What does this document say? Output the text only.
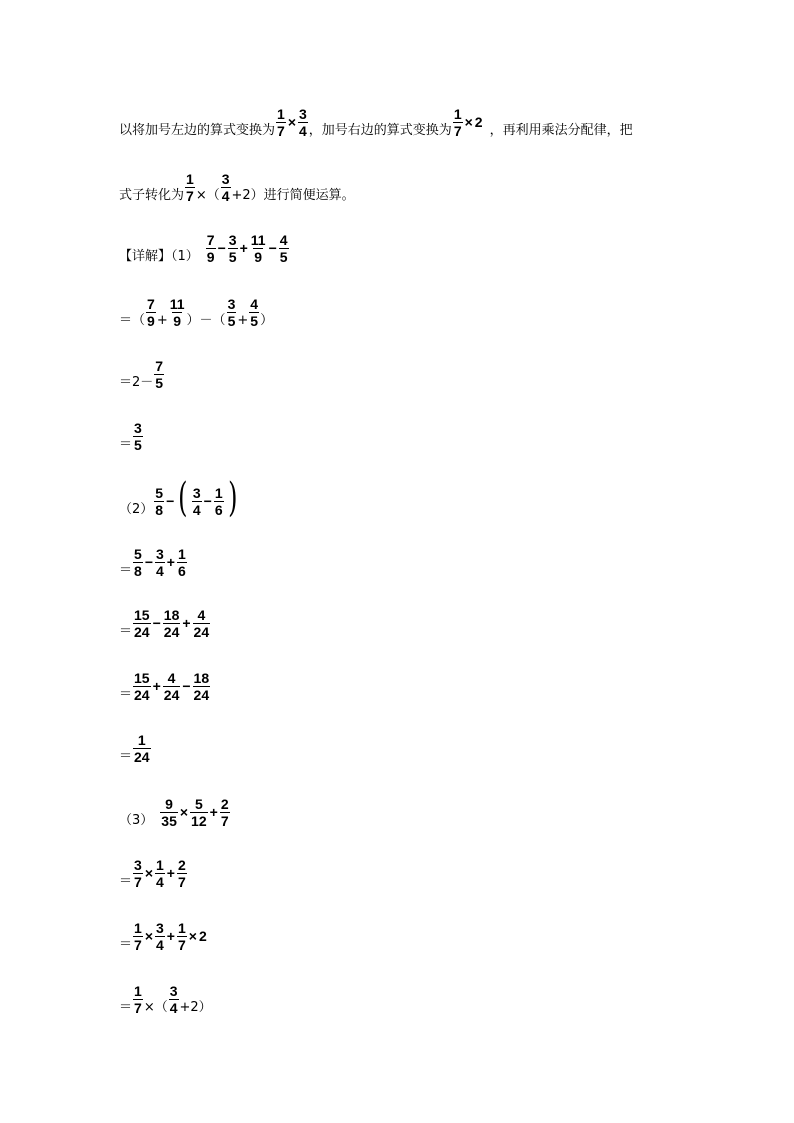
以将加号左边的算式变换为 $\frac{1}{7} \times \frac{3}{4}$ ，加号右边的算式变换为 $\frac{1}{7} \times 2$
，再利用乘法分配律，把
式子转化为 $\frac{1}{7}$ ×（
3
4 +2）进行简便运算。
【详解】（1）
7
9
− $\frac{3}{5} + \frac{11}{9} - \frac{4}{5}$
＝ （
7
$9 + \frac{11}{9}$ ）－（
3
$5 + \frac{4}{5}$ ）
＝2－
7
5
＝
3
5
（2）
5
8
− ( 3
4
− $\frac{1}{6}$ )
＝
5
8
− $\frac{3}{4} + \frac{1}{6}$
＝
15
24
− $\frac{18}{24} + \frac{4}{24}$
＝
15
24
+ $\frac{4}{24} - \frac{18}{24}$
＝
1
24
$(3) \frac{9}{35} \times \frac{5}{12} + \frac{2}{7}$
＝ $\frac{3}{7} \times \frac{1}{4} + \frac{2}{7}$
＝ $\frac{1}{7} \times \frac{3}{4} + \frac{1}{7} \times 2$
＝ $\frac{1}{7}$ ×（
3
4 +2）
